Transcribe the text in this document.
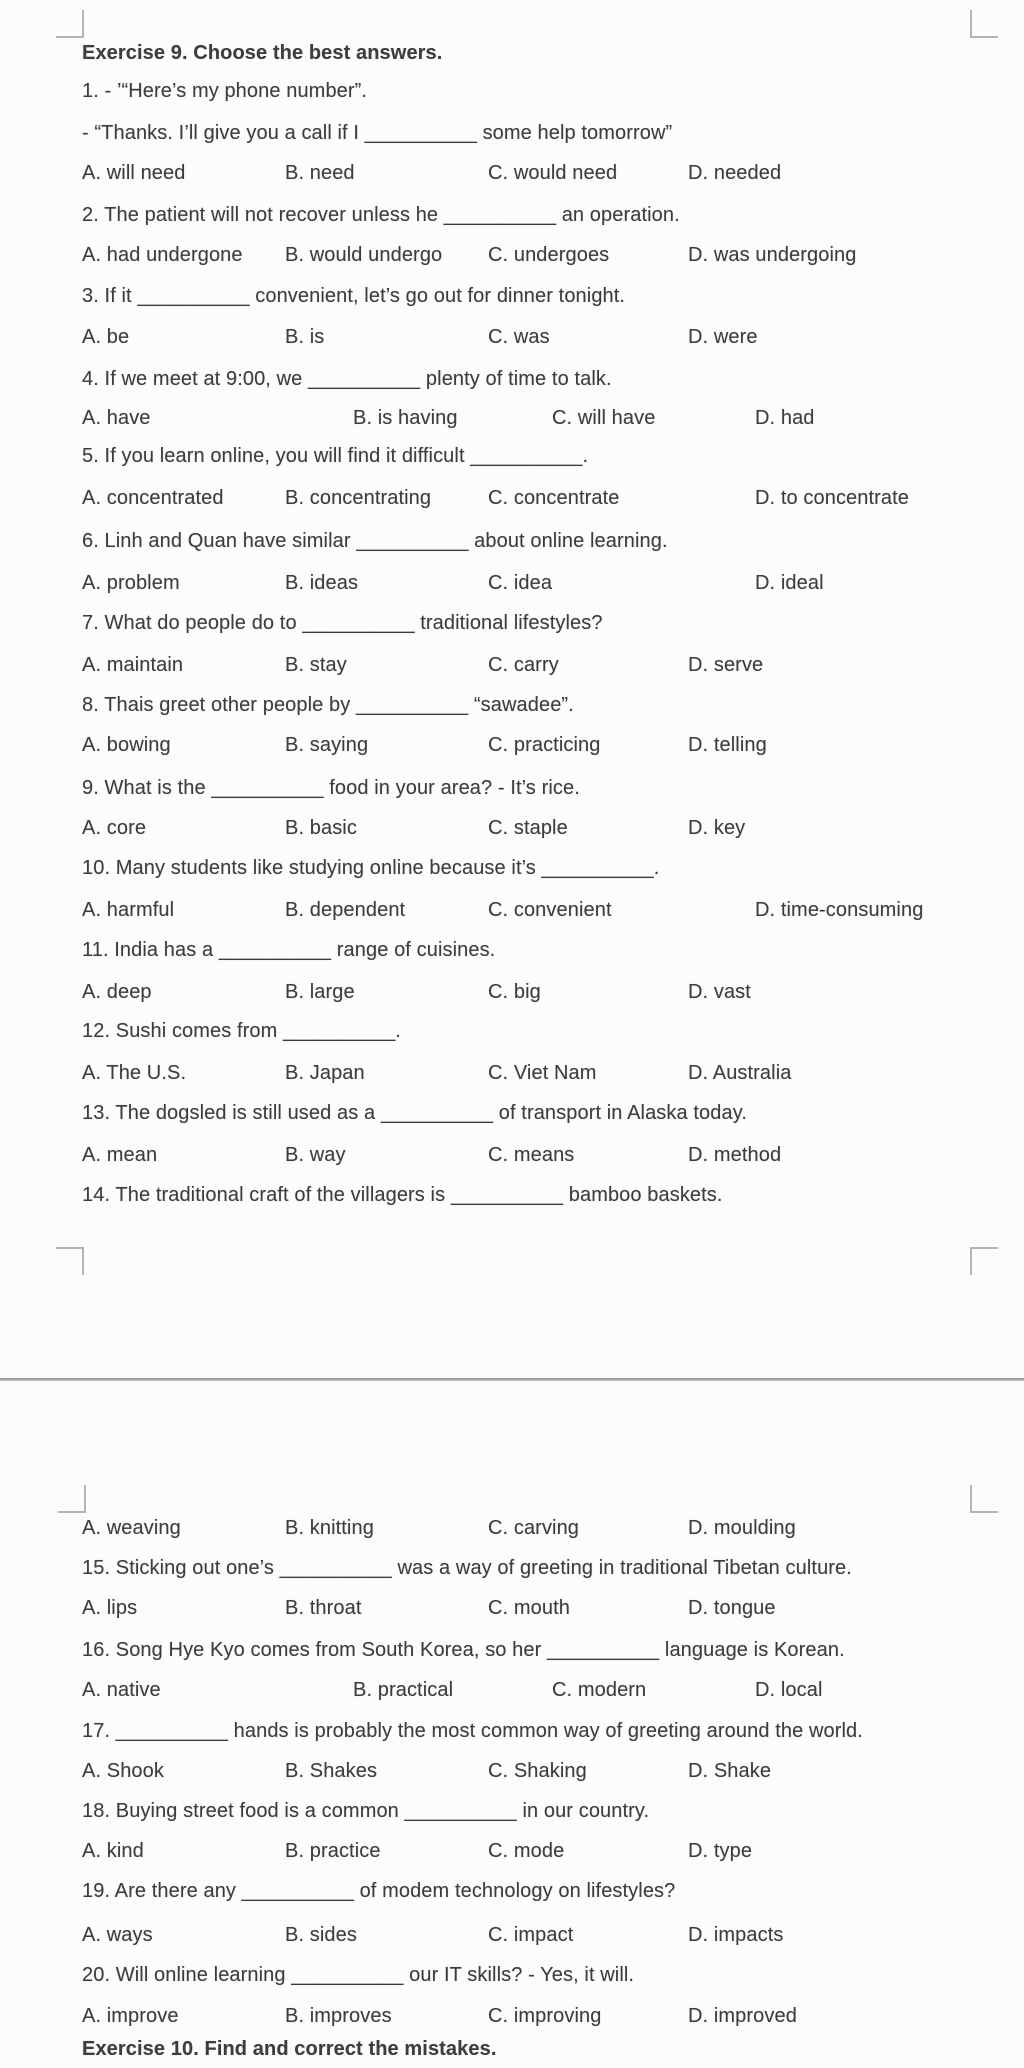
Exercise 9. Choose the best answers.
1. - ’“Here’s my phone number”.
- “Thanks. I’ll give you a call if I __________ some help tomorrow”
A. will need	B. need	C. would need	D. needed
2. The patient will not recover unless he __________ an operation.
A. had undergone B. would undergo C. undergoes	D. was undergoing
3. If it __________ convenient, let’s go out for dinner tonight.
A. be	B. is	C. was	D. were
4. If we meet at 9:00, we __________ plenty of time to talk.
A. have	B. is having	C. will have	D. had
5. If you learn online, you will find it difficult __________.
A. concentrated	B. concentrating	C. concentrate	D. to concentrate
6. Linh and Quan have similar __________ about online learning.
A. problem	B. ideas	C. idea	D. ideal
7. What do people do to __________ traditional lifestyles?
A. maintain	B. stay	C. carry	D. serve
8. Thais greet other people by __________ “sawadee”.
A. bowing	B. saying	C. practicing	D. telling
9. What is the __________ food in your area? - It’s rice.
A. core	B. basic	C. staple	D. key
10. Many students like studying online because it’s __________.
A. harmful	B. dependent	C. convenient	D. time-consuming
11. India has a __________ range of cuisines.
A. deep	B. large	C. big	D. vast
12. Sushi comes from __________.
A. The U.S.	B. Japan	C. Viet Nam	D. Australia
13. The dogsled is still used as a __________ of transport in Alaska today.
A. mean	B. way	C. means	D. method
14. The traditional craft of the villagers is __________ bamboo baskets.
A. weaving	B. knitting	C. carving	D. moulding
15. Sticking out one’s __________ was a way of greeting in traditional Tibetan culture.
A. lips	B. throat	C. mouth	D. tongue
16. Song Hye Kyo comes from South Korea, so her __________ language is Korean.
A. native	B. practical	C. modern	D. local
17. __________ hands is probably the most common way of greeting around the world.
A. Shook	B. Shakes	C. Shaking	D. Shake
18. Buying street food is a common __________ in our country.
A. kind	B. practice	C. mode	D. type
19. Are there any __________ of modem technology on lifestyles?
A. ways	B. sides	C. impact	D. impacts
20. Will online learning __________ our IT skills? - Yes, it will.
A. improve	B. improves	C. improving	D. improved
Exercise 10. Find and correct the mistakes.
